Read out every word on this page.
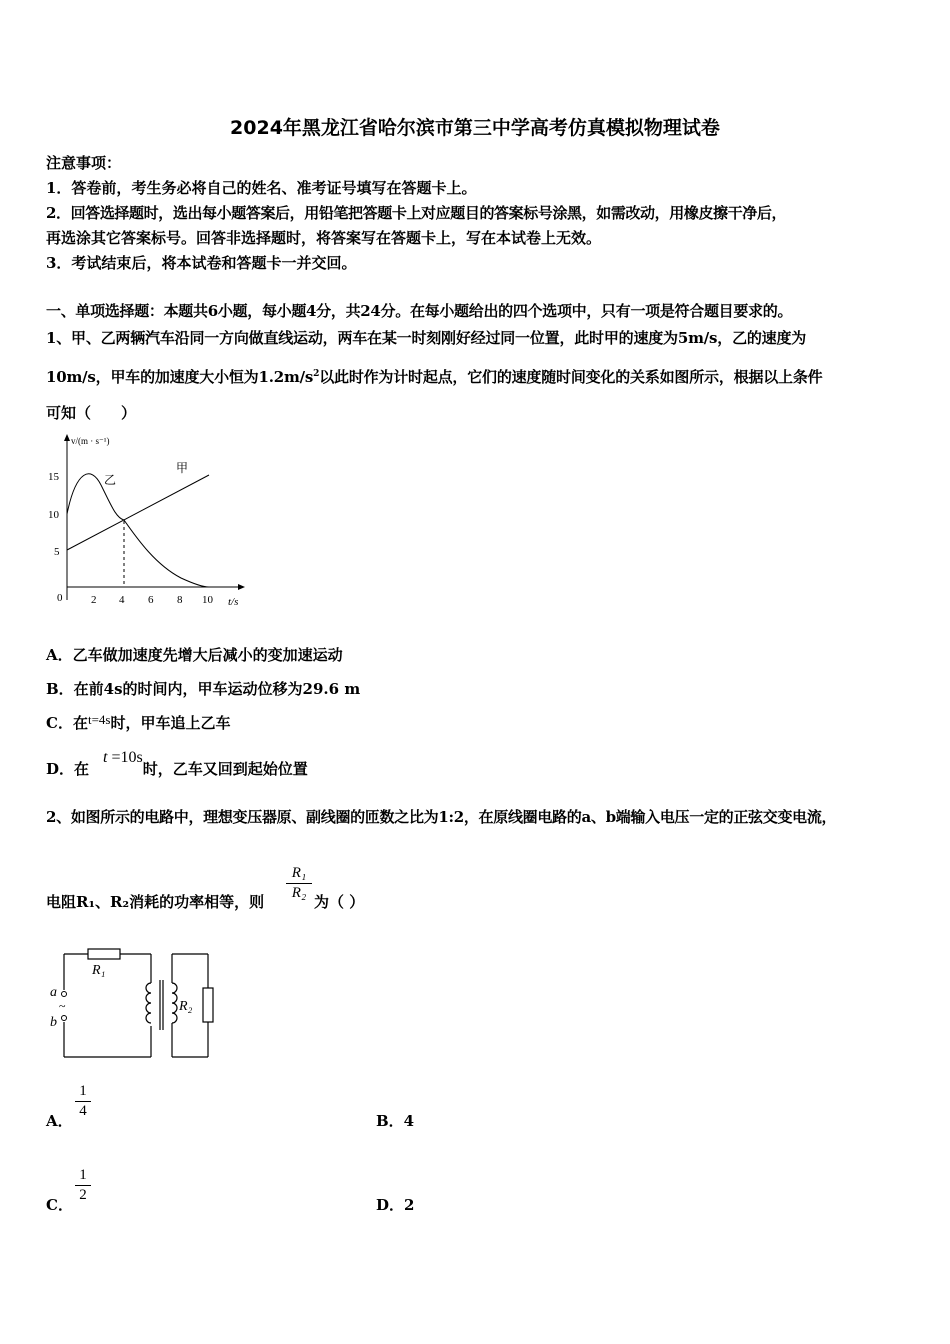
2024年黑龙江省哈尔滨市第三中学高考仿真模拟物理试卷
注意事项：
1．答卷前，考生务必将自己的姓名、准考证号填写在答题卡上。
2．回答选择题时，选出每小题答案后，用铅笔把答题卡上对应题目的答案标号涂黑，如需改动，用橡皮擦干净后，
再选涂其它答案标号。回答非选择题时，将答案写在答题卡上，写在本试卷上无效。
3．考试结束后，将本试卷和答题卡一并交回。
一、单项选择题：本题共6小题，每小题4分，共24分。在每小题给出的四个选项中，只有一项是符合题目要求的。
1、甲、乙两辆汽车沿同一方向做直线运动，两车在某一时刻刚好经过同一位置，此时甲的速度为5m/s，乙的速度为
10m/s，甲车的加速度大小恒为$1.2m/s^2$以此时作为计时起点，它们的速度随时间变化的关系如图所示，根据以上条件
可知（　　）
v/(m · s⁻¹)
t/s
0
15
10
5
2 4 6 8 10
甲
乙
A．乙车做加速度先增大后减小的变加速运动
B．在前4s的时间内，甲车运动位移为29.6 m
C．在t=4s时，甲车追上乙车
D．在t =10s时，乙车又回到起始位置
2、如图所示的电路中，理想变压器原、副线圈的匝数之比为1:2，在原线圈电路的a、b端输入电压一定的正弦交变电流，
电阻R₁、R₂消耗的功率相等，则
R₁
R₂ 为（ ）
~
a
b
R₁
R₂
A．
1
4
B．4
C．
1
2
D．2
